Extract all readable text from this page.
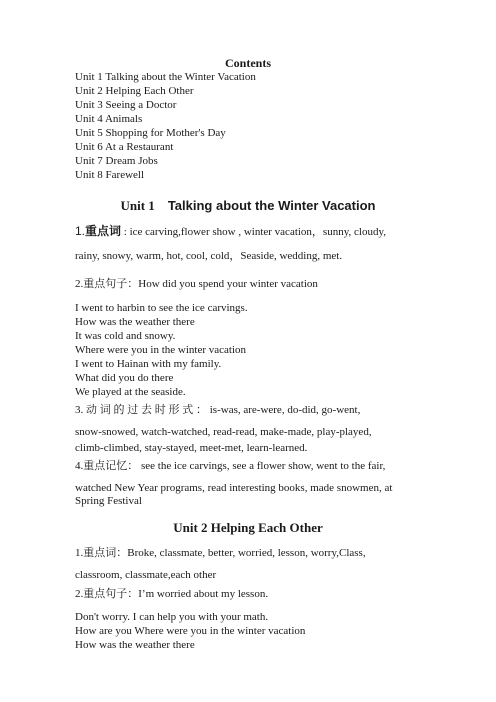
Contents
Unit 1 Talking about the Winter Vacation
Unit 2 Helping Each Other
Unit 3 Seeing a Doctor
Unit 4 Animals
Unit 5 Shopping for Mother's Day
Unit 6 At a Restaurant
Unit 7 Dream Jobs
Unit 8 Farewell
Unit 1 Talking about the Winter Vacation
1.重点词 : ice carving,flower show , winter vacation，sunny, cloudy,
rainy, snowy, warm, hot, cool, cold，Seaside, wedding, met.
2.重点句子：How did you spend your winter vacation
I went to harbin to see the ice carvings.
How was the weather there
It was cold and snowy.
Where were you in the winter vacation
I went to Hainan with my family.
What did you do there
We played at the seaside.
3. 动 词 的 过 去 时 形 式 ： is-was, are-were, do-did, go-went,
snow-snowed, watch-watched, read-read, make-made, play-played,
climb-climbed, stay-stayed, meet-met, learn-learned.
4.重点记忆： see the ice carvings, see a flower show, went to the fair,
watched New Year programs, read interesting books, made snowmen, at
Spring Festival
Unit 2 Helping Each Other
1.重点词：Broke, classmate, better, worried, lesson, worry,Class,
classroom, classmate,each other
2.重点句子：I’m worried about my lesson.
Don't worry. I can help you with your math.
How are you Where were you in the winter vacation
How was the weather there
